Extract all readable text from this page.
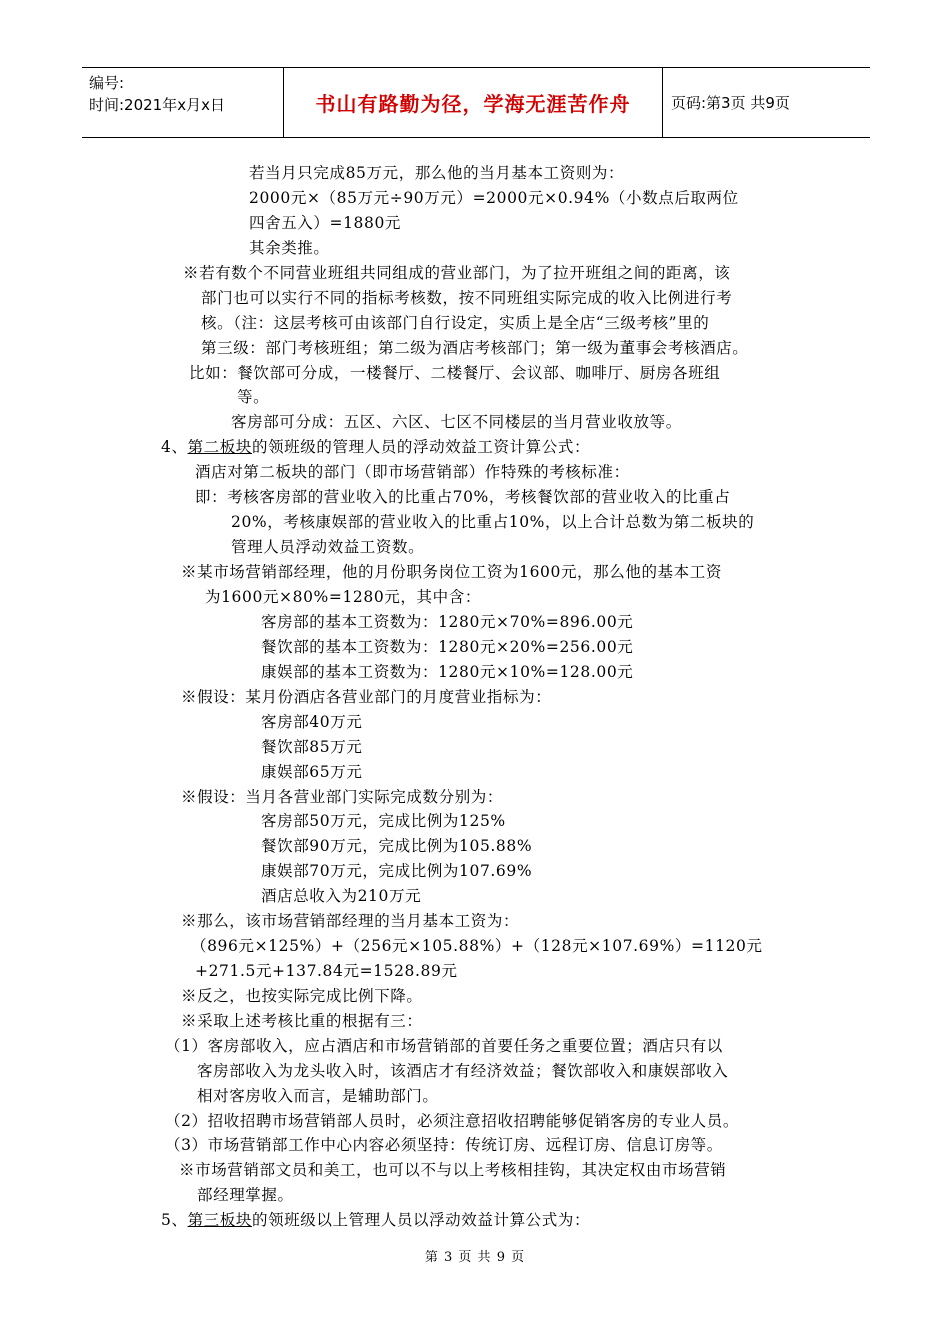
编号:
时间:2021年x月x日	书山有路勤为径，学海无涯苦作舟	页码:第3页 共9页
若当月只完成85万元，那么他的当月基本工资则为：
2000元×（85万元÷90万元）=2000元×0.94%（小数点后取两位
四舍五入）=1880元
其余类推。
※若有数个不同营业班组共同组成的营业部门，为了拉开班组之间的距离，该
部门也可以实行不同的指标考核数，按不同班组实际完成的收入比例进行考
核。（注：这层考核可由该部门自行设定，实质上是全店“三级考核”里的
第三级：部门考核班组；第二级为酒店考核部门；第一级为董事会考核酒店。
比如：餐饮部可分成，一楼餐厅、二楼餐厅、会议部、咖啡厅、厨房各班组
等。
客房部可分成：五区、六区、七区不同楼层的当月营业收放等。
4、第二板块的领班级的管理人员的浮动效益工资计算公式：
酒店对第二板块的部门（即市场营销部）作特殊的考核标准：
即：考核客房部的营业收入的比重占70%，考核餐饮部的营业收入的比重占
20%，考核康娱部的营业收入的比重占10%，以上合计总数为第二板块的
管理人员浮动效益工资数。
※某市场营销部经理，他的月份职务岗位工资为1600元，那么他的基本工资
为1600元×80%=1280元，其中含：
客房部的基本工资数为：1280元×70%=896.00元
餐饮部的基本工资数为：1280元×20%=256.00元
康娱部的基本工资数为：1280元×10%=128.00元
※假设：某月份酒店各营业部门的月度营业指标为：
客房部40万元
餐饮部85万元
康娱部65万元
※假设：当月各营业部门实际完成数分别为：
客房部50万元，完成比例为125%
餐饮部90万元，完成比例为105.88%
康娱部70万元，完成比例为107.69%
酒店总收入为210万元
※那么，该市场营销部经理的当月基本工资为：
（896元×125%）+（256元×105.88%）+（128元×107.69%）=1120元
+271.5元+137.84元=1528.89元
※反之，也按实际完成比例下降。
※采取上述考核比重的根据有三：
（1）客房部收入，应占酒店和市场营销部的首要任务之重要位置；酒店只有以
客房部收入为龙头收入时，该酒店才有经济效益；餐饮部收入和康娱部收入
相对客房收入而言，是辅助部门。
（2）招收招聘市场营销部人员时，必须注意招收招聘能够促销客房的专业人员。
（3）市场营销部工作中心内容必须坚持：传统订房、远程订房、信息订房等。
※市场营销部文员和美工，也可以不与以上考核相挂钩，其决定权由市场营销
部经理掌握。
5、第三板块的领班级以上管理人员以浮动效益计算公式为：
第 3 页 共 9 页
